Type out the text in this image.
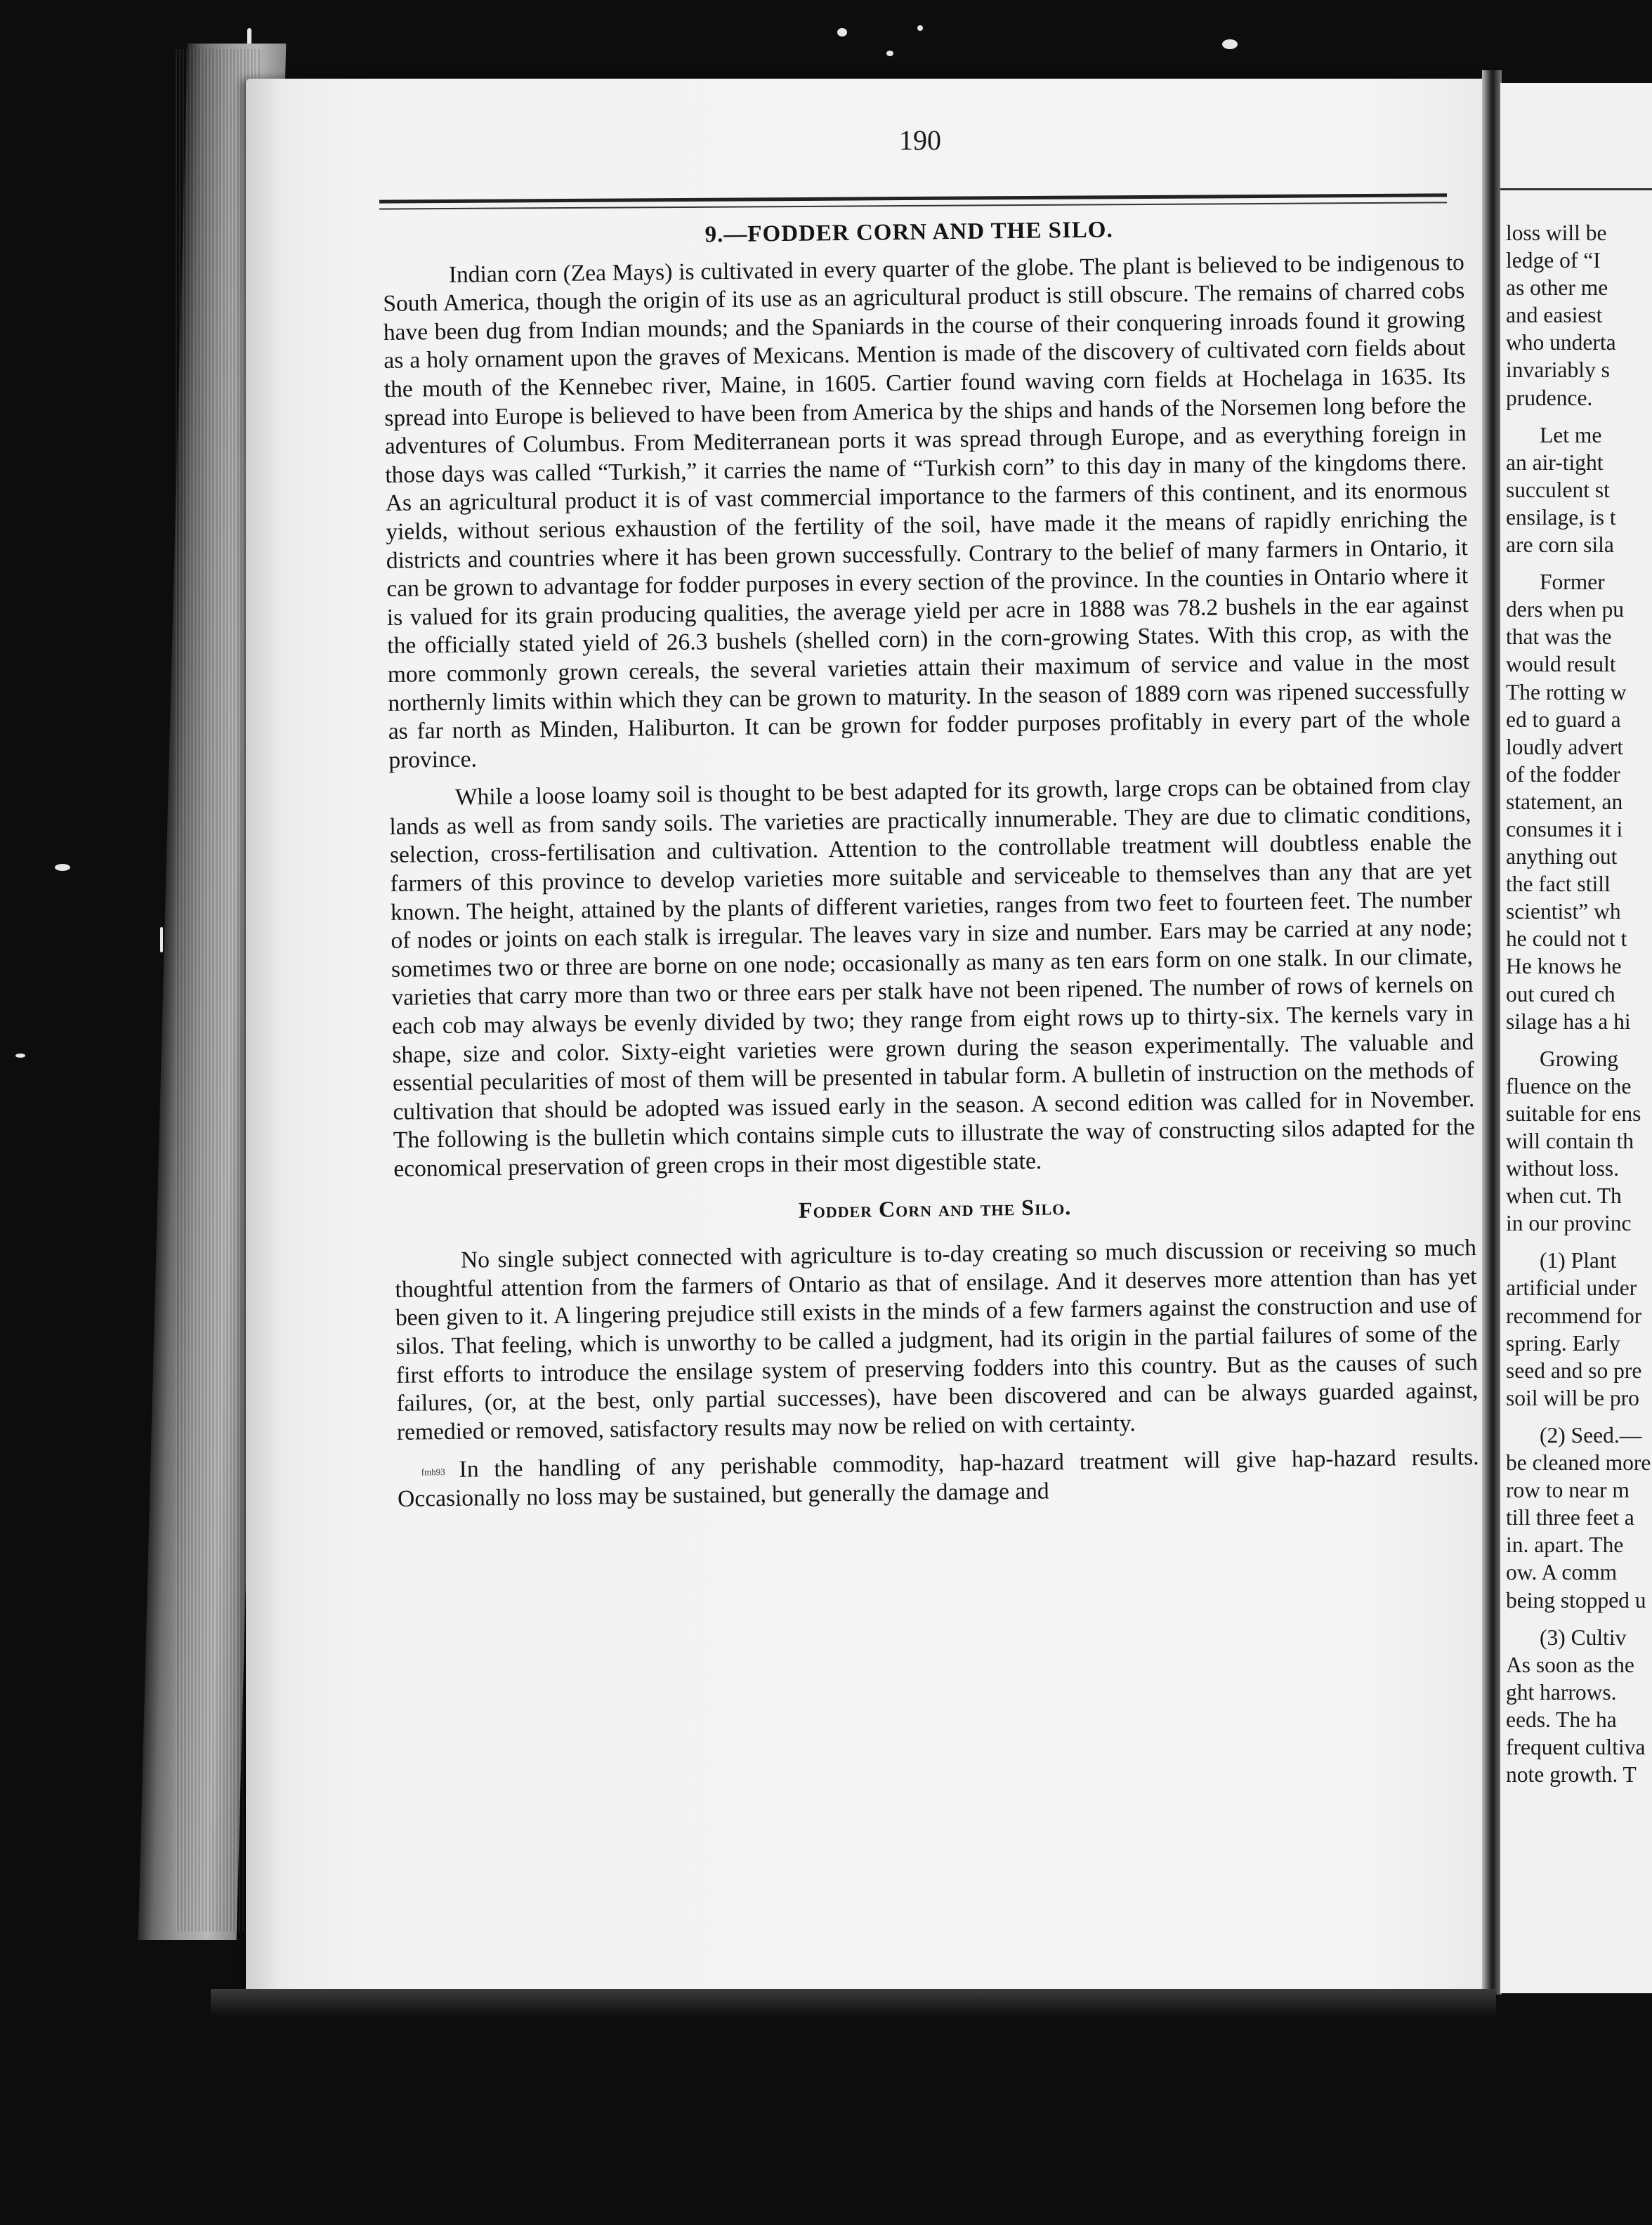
190
9.—FODDER CORN AND THE SILO.

Indian corn (Zea Mays) is cultivated in every quarter of the globe. The plant is believed to be indigenous to South America, though the origin of its use as an agricultural product is still obscure. The remains of charred cobs have been dug from Indian mounds; and the Spaniards in the course of their conquering inroads found it growing as a holy ornament upon the graves of Mexicans. Mention is made of the discovery of cultivated corn fields about the mouth of the Kennebec river, Maine, in 1605. Cartier found waving corn fields at Hochelaga in 1635. Its spread into Europe is believed to have been from America by the ships and hands of the Norsemen long before the adventures of Columbus. From Mediterranean ports it was spread through Europe, and as everything foreign in those days was called “Turkish,” it carries the name of “Turkish corn” to this day in many of the kingdoms there. As an agricultural product it is of vast commercial importance to the farmers of this continent, and its enormous yields, without serious exhaustion of the fertility of the soil, have made it the means of rapidly enriching the districts and countries where it has been grown successfully. Contrary to the belief of many farmers in Ontario, it can be grown to advantage for fodder purposes in every section of the province. In the counties in Ontario where it is valued for its grain producing qualities, the average yield per acre in 1888 was 78.2 bushels in the ear against the officially stated yield of 26.3 bushels (shelled corn) in the corn-growing States. With this crop, as with the more commonly grown cereals, the several varieties attain their maximum of service and value in the most northernly limits within which they can be grown to maturity. In the season of 1889 corn was ripened successfully as far north as Minden, Haliburton. It can be grown for fodder purposes profitably in every part of the whole province.

While a loose loamy soil is thought to be best adapted for its growth, large crops can be obtained from clay lands as well as from sandy soils. The varieties are practically innumerable. They are due to climatic conditions, selection, cross-fertilisation and cultivation. Attention to the controllable treatment will doubtless enable the farmers of this province to develop varieties more suitable and serviceable to themselves than any that are yet known. The height, attained by the plants of different varieties, ranges from two feet to fourteen feet. The number of nodes or joints on each stalk is irregular. The leaves vary in size and number. Ears may be carried at any node; sometimes two or three are borne on one node; occasionally as many as ten ears form on one stalk. In our climate, varieties that carry more than two or three ears per stalk have not been ripened. The number of rows of kernels on each cob may always be evenly divided by two; they range from eight rows up to thirty-six. The kernels vary in shape, size and color. Sixty-eight varieties were grown during the season experimentally. The valuable and essential pecularities of most of them will be presented in tabular form. A bulletin of instruction on the methods of cultivation that should be adopted was issued early in the season. A second edition was called for in November. The following is the bulletin which contains simple cuts to illustrate the way of constructing silos adapted for the economical preservation of green crops in their most digestible state.

Fodder Corn and the Silo.

No single subject connected with agriculture is to-day creating so much discussion or receiving so much thoughtful attention from the farmers of Ontario as that of ensilage. And it deserves more attention than has yet been given to it. A lingering prejudice still exists in the minds of a few farmers against the construction and use of silos. That feeling, which is unworthy to be called a judgment, had its origin in the partial failures of some of the first efforts to introduce the ensilage system of preserving fodders into this country. But as the causes of such failures, (or, at the best, only partial successes), have been discovered and can be always guarded against, remedied or removed, satisfactory results may now be relied on with certainty.

fmh93 In the handling of any perishable commodity, hap-hazard treatment will give hap-hazard results. Occasionally no loss may be sustained, but generally the damage and

loss will be
ledge of “I
as other me
and easiest
who underta
invariably s
prudence.
Let me
an air-tight
succulent st
ensilage, is t
are corn sila
Former
ders when pu
that was the
would result
The rotting w
ed to guard a
loudly advert
of the fodder
statement, an
consumes it i
anything out
the fact still
scientist” wh
he could not t
He knows he
out cured ch
silage has a hi
Growing
fluence on the
suitable for ens
will contain th
without loss.
when cut. Th
in our provinc
(1) Plant
artificial under
recommend for
spring. Early
seed and so pre
soil will be pro
(2) Seed.—
be cleaned more
row to near m
till three feet a
in. apart. The
ow. A comm
being stopped u
(3) Cultiv
As soon as the
ght harrows.
eeds. The ha
frequent cultiva
note growth. T
